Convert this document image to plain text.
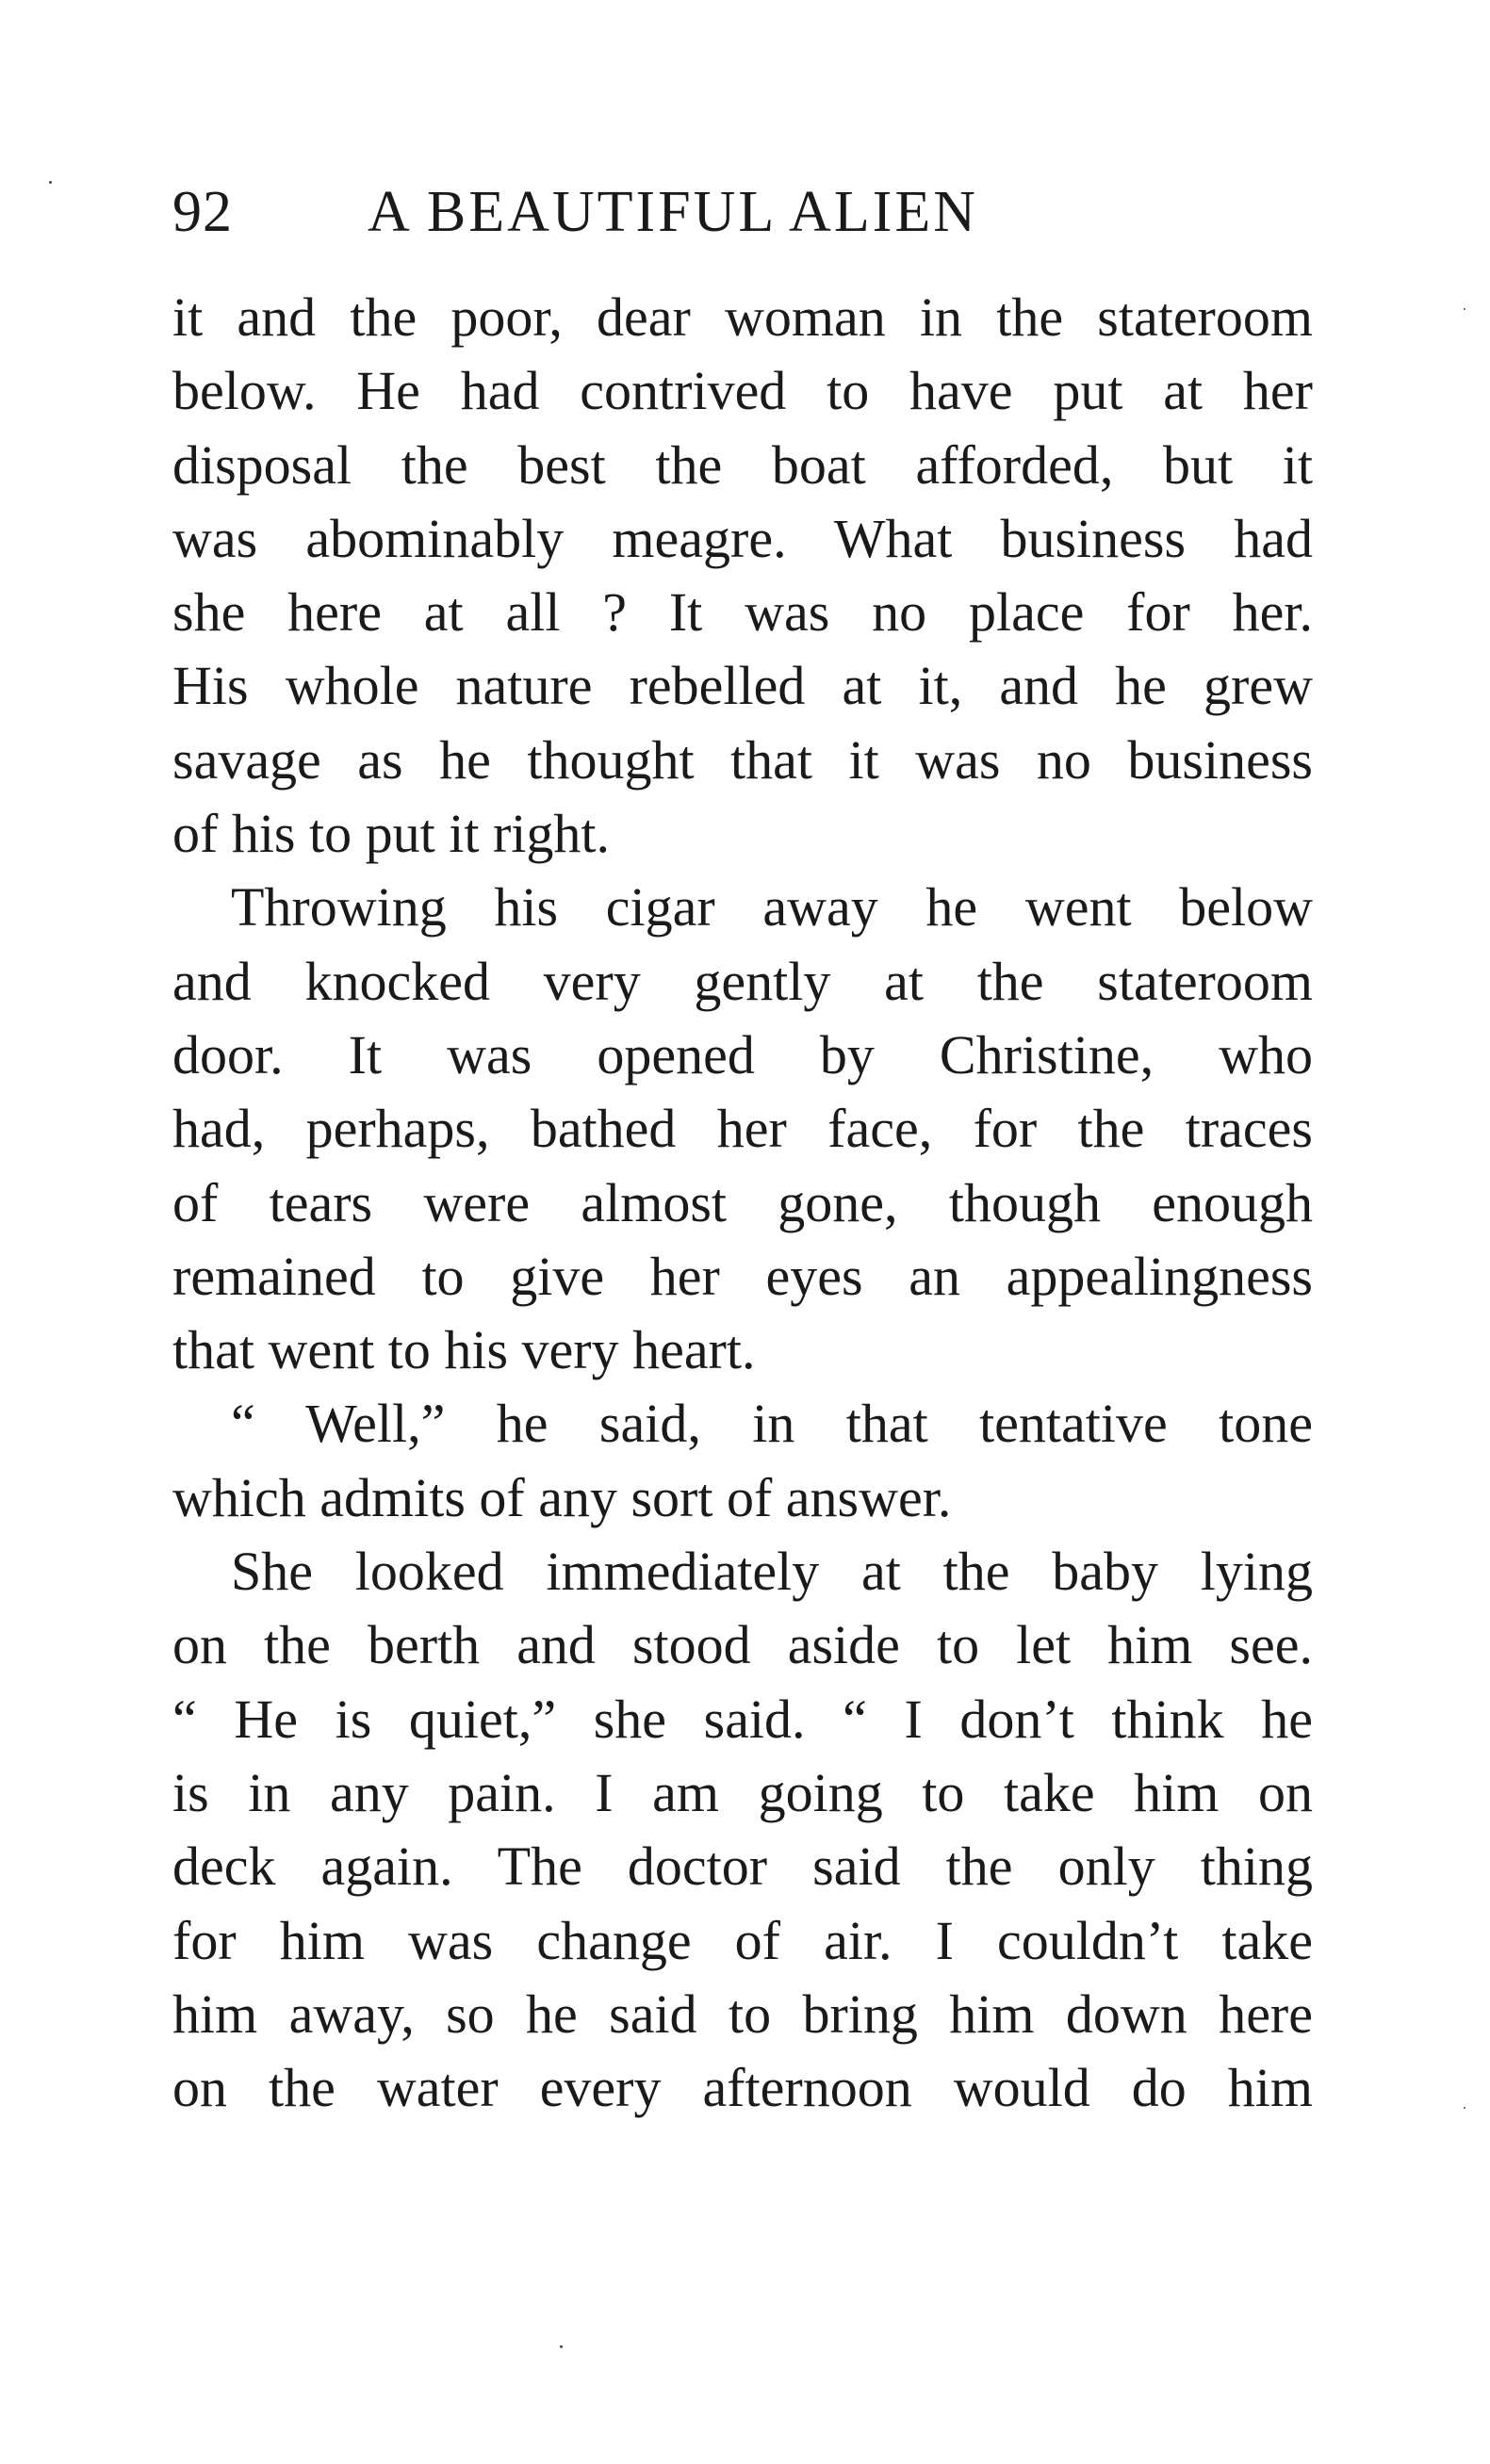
92 A BEAUTIFUL ALIEN
it and the poor, dear woman in the stateroom
below. He had contrived to have put at her
disposal the best the boat afforded, but it
was abominably meagre. What business had
she here at all ? It was no place for her.
His whole nature rebelled at it, and he grew
savage as he thought that it was no business
of his to put it right.
Throwing his cigar away he went below
and knocked very gently at the stateroom
door. It was opened by Christine, who
had, perhaps, bathed her face, for the traces
of tears were almost gone, though enough
remained to give her eyes an appealingness
that went to his very heart.
“ Well,” he said, in that tentative tone
which admits of any sort of answer.
She looked immediately at the baby lying
on the berth and stood aside to let him see.
“ He is quiet,” she said. “ I don’t think he
is in any pain. I am going to take him on
deck again. The doctor said the only thing
for him was change of air. I couldn’t take
him away, so he said to bring him down here
on the water every afternoon would do him
